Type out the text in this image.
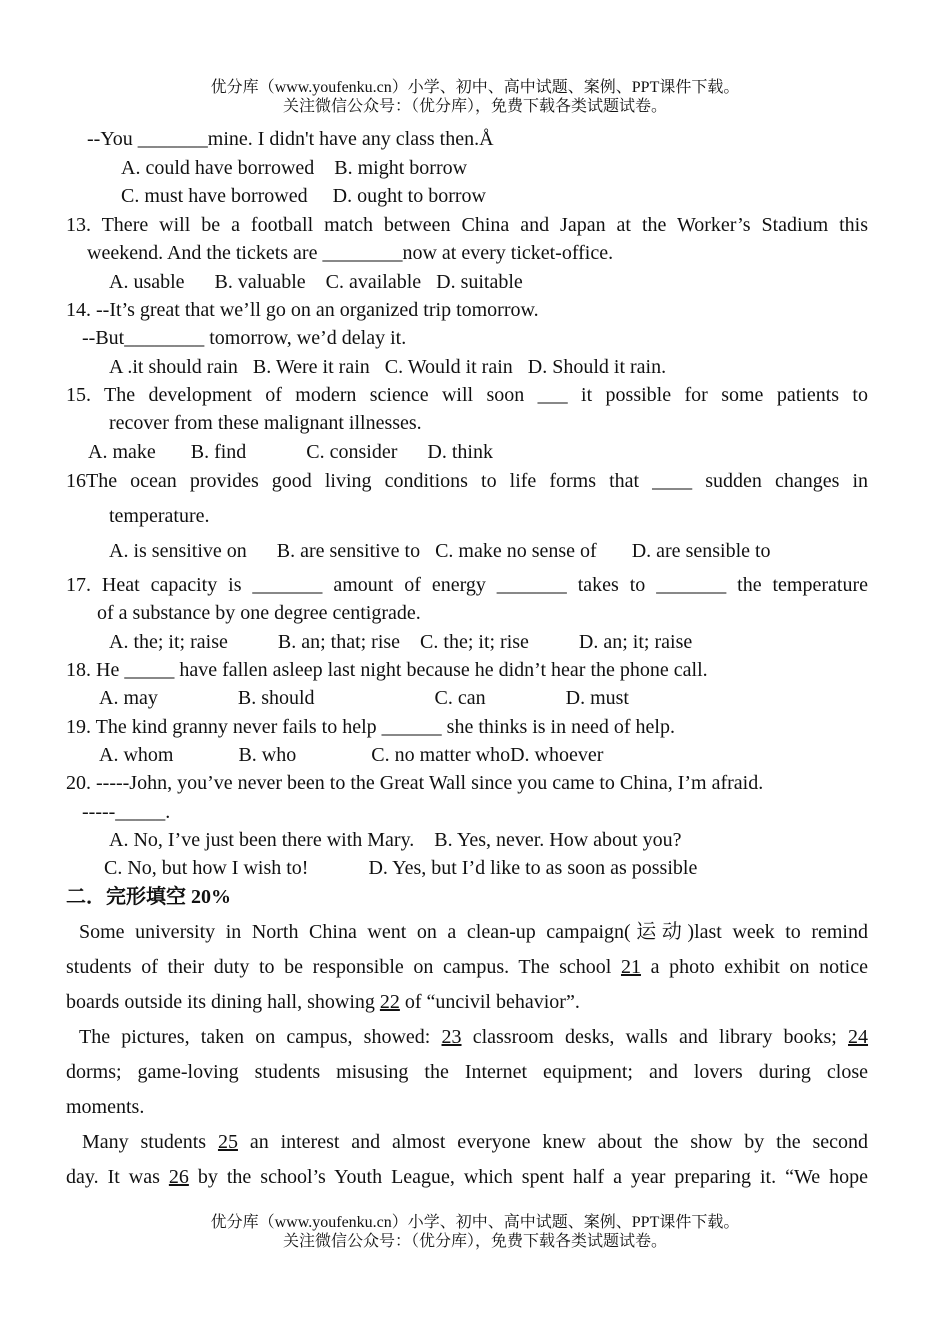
优分库（www.youfenku.cn）小学、初中、高中试题、案例、PPT课件下载。
关注微信公众号：（优分库），免费下载各类试题试卷。
--You _______mine. I didn't have any class then.Å
A. could have borrowed    B. might borrow
C. must have borrowed     D. ought to borrow
13. There will be a football match between China and Japan at the Worker’s Stadium this
weekend. And the tickets are ________now at every ticket-office.
A. usable      B. valuable    C. available   D. suitable
14. --It’s great that we’ll go on an organized trip tomorrow.
--But________ tomorrow, we’d delay it.
A .it should rain   B. Were it rain   C. Would it rain   D. Should it rain.
15. The development of modern science will soon ___ it possible for some patients to
recover from these malignant illnesses.
A. make       B. find            C. consider      D. think
16The ocean provides good living conditions to life forms that ____ sudden changes in
temperature.
A. is sensitive on      B. are sensitive to   C. make no sense of       D. are sensible to
17. Heat capacity is _______ amount of energy _______ takes to _______ the temperature
of a substance by one degree centigrade.
A. the; it; raise          B. an; that; rise    C. the; it; rise          D. an; it; raise
18. He _____ have fallen asleep last night because he didn’t hear the phone call.
A. may                B. should                        C. can                D. must
19. The kind granny never fails to help ______ she thinks is in need of help.
A. whom             B. who               C. no matter whoD. whoever
20. -----John, you’ve never been to the Great Wall since you came to China, I’m afraid.
-----_____.
A. No, I’ve just been there with Mary.    B. Yes, never. How about you?
C. No, but how I wish to!            D. Yes, but I’d like to as soon as possible
二．完形填空 20%
Some university in North China went on a clean-up campaign(运动)last week to remind
students of their duty to be responsible on campus. The school 21 a photo exhibit on notice
boards outside its dining hall, showing 22 of “uncivil behavior”.
The pictures, taken on campus, showed: 23 classroom desks, walls and library books; 24
dorms; game-loving students misusing the Internet equipment; and lovers during close
moments.
Many students 25 an interest and almost everyone knew about the show by the second
day. It was 26 by the school’s Youth League, which spent half a year preparing it. “We hope
优分库（www.youfenku.cn）小学、初中、高中试题、案例、PPT课件下载。
关注微信公众号：（优分库），免费下载各类试题试卷。
